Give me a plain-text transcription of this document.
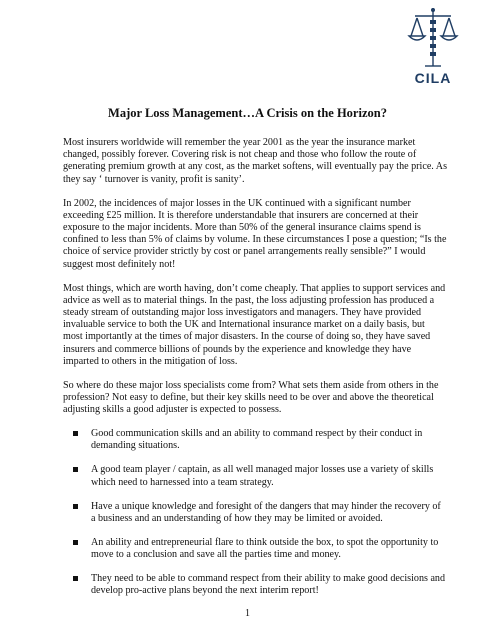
CILA
Major Loss Management…A Crisis on the Horizon?

Most insurers worldwide will remember the year 2001 as the year the insurance market changed, possibly forever. Covering risk is not cheap and those who follow the route of generating premium growth at any cost, as the market softens, will eventually pay the price. As they say ‘ turnover is vanity, profit is sanity’.

In 2002, the incidences of major losses in the UK continued with a significant number exceeding £25 million. It is therefore understandable that insurers are concerned at their exposure to the major incidents. More than 50% of the general insurance claims spend is confined to less than 5% of claims by volume. In these circumstances I pose a question; “Is the choice of service provider strictly by cost or panel arrangements really sensible?” I would suggest most definitely not!

Most things, which are worth having, don’t come cheaply. That applies to support services and advice as well as to material things. In the past, the loss adjusting profession has produced a steady stream of outstanding major loss investigators and managers. They have provided invaluable service to both the UK and International insurance market on a daily basis, but most importantly at the times of major disasters. In the course of doing so, they have saved insurers and commerce billions of pounds by the experience and knowledge they have imparted to others in the mitigation of loss.

So where do these major loss specialists come from? What sets them aside from others in the profession? Not easy to define, but their key skills need to be over and above the theoretical adjusting skills a good adjuster is expected to possess.

Good communication skills and an ability to command respect by their conduct in demanding situations.
A good team player / captain, as all well managed major losses use a variety of skills which need to harnessed into a team strategy.
Have a unique knowledge and foresight of the dangers that may hinder the recovery of a business and an understanding of how they may be limited or avoided.
An ability and entrepreneurial flare to think outside the box, to spot the opportunity to move to a conclusion and save all the parties time and money.
They need to be able to command respect from their ability to make good decisions and develop pro-active plans beyond the next interim report!
1
